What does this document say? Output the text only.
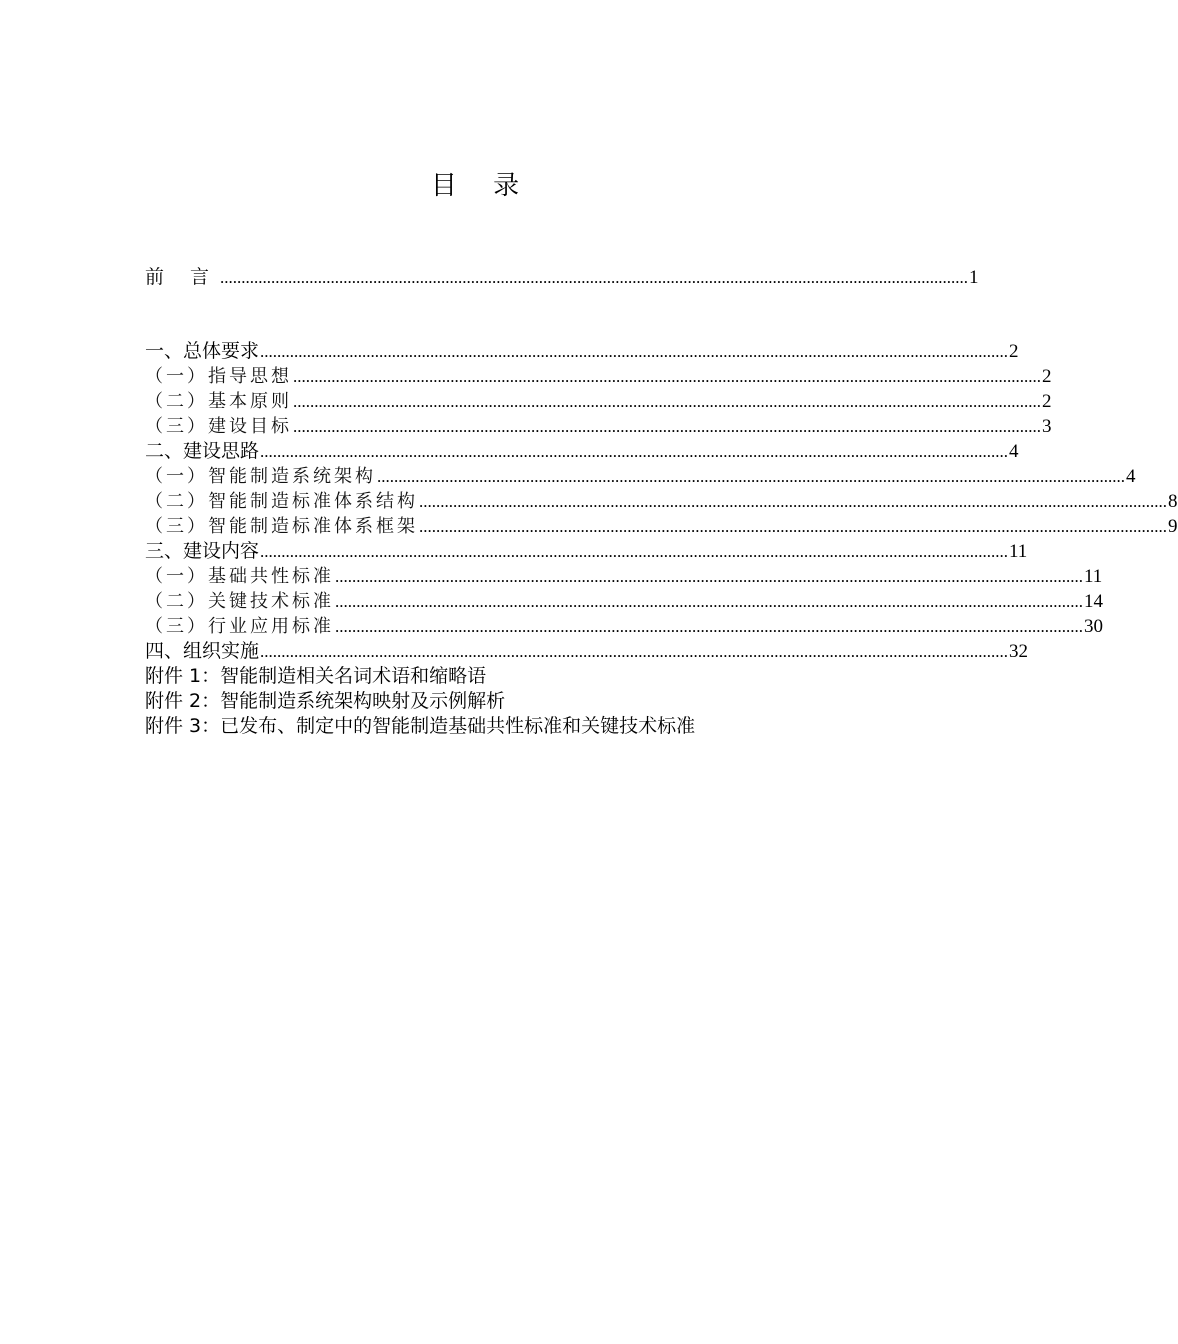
目 录
前 言 ................................................................................................................................................................................ 1
一、总体要求 ................................................................................................................................................................................ 2
（一）指导思想 ................................................................................................................................................................................ 2
（二）基本原则 ................................................................................................................................................................................ 2
（三）建设目标 ................................................................................................................................................................................ 3
二、建设思路 ................................................................................................................................................................................ 4
（一）智能制造系统架构 ................................................................................................................................................................................ 4
（二）智能制造标准体系结构 ................................................................................................................................................................................ 8
（三）智能制造标准体系框架 ................................................................................................................................................................................ 9
三、建设内容 ................................................................................................................................................................................ 11
（一）基础共性标准 ................................................................................................................................................................................ 11
（二）关键技术标准 ................................................................................................................................................................................ 14
（三）行业应用标准 ................................................................................................................................................................................ 30
四、组织实施 ................................................................................................................................................................................ 32
附件 1：智能制造相关名词术语和缩略语
附件 2：智能制造系统架构映射及示例解析
附件 3：已发布、制定中的智能制造基础共性标准和关键技术标准
